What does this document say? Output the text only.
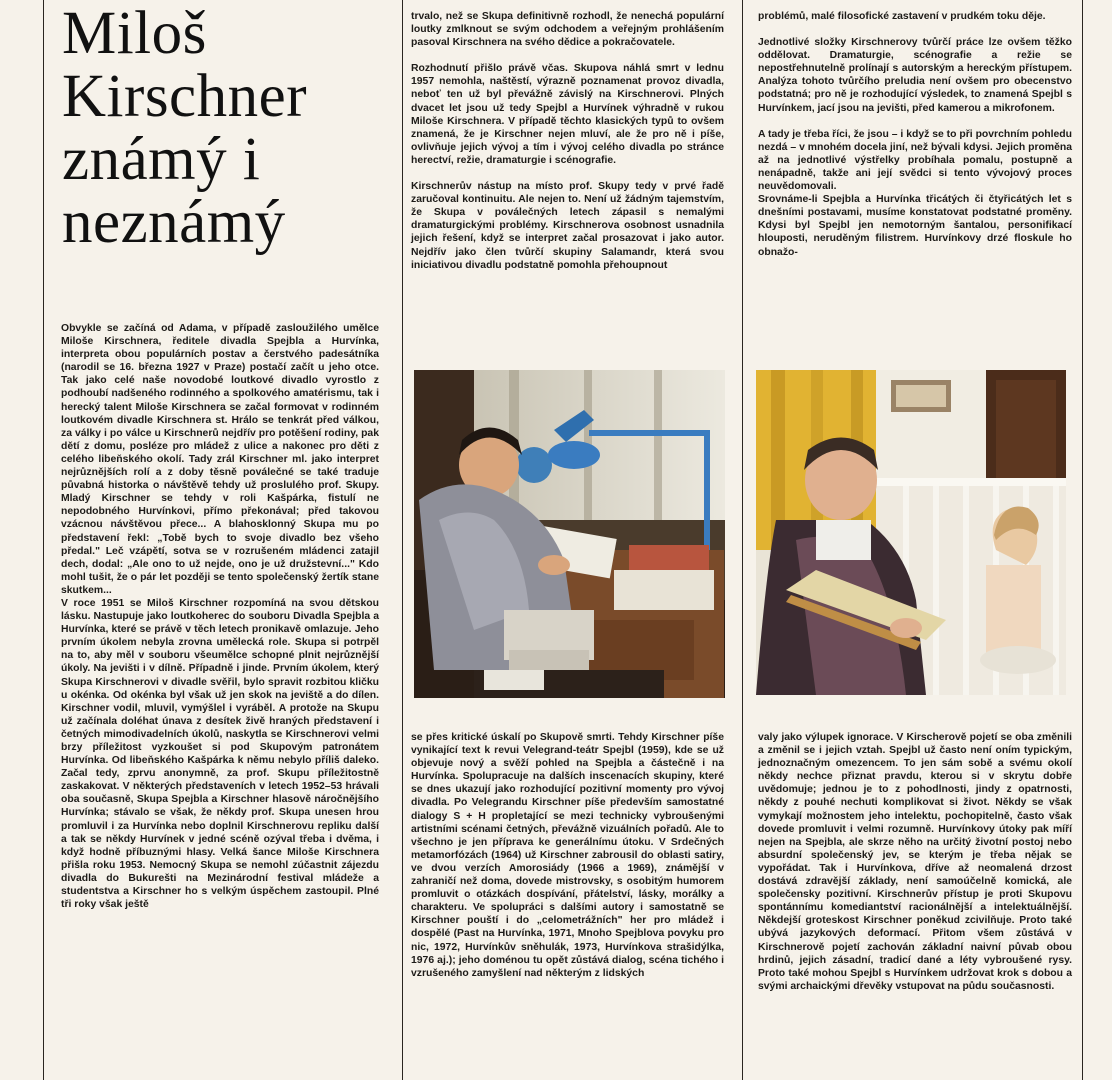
Miloš
Kirschner
známý i
neznámý

Obvykle se začíná od Adama, v případě zasloužilého umělce Miloše Kirschnera, ředitele divadla Spejbla a Hurvínka, interpreta obou populárních postav a čerstvého padesátníka (narodil se 16. března 1927 v Praze) postačí začít u jeho otce. Tak jako celé naše novodobé loutkové divadlo vyrostlo z podhoubí nadšeného rodinného a spolkového amatérismu, tak i herecký talent Miloše Kirschnera se začal formovat v rodinném loutkovém divadle Kirschnera st. Hrálo se tenkrát před válkou, za války i po válce u Kirschnerů nejdřív pro potěšení rodiny, pak dětí z domu, posléze pro mládež z ulice a nakonec pro děti z celého libeňského okolí. Tady zrál Kirschner ml. jako interpret nejrůznějších rolí a z doby těsně poválečné se také traduje půvabná historka o návštěvě tehdy už proslulého prof. Skupy. Mladý Kirschner se tehdy v roli Kašpárka, fistulí ne nepodobného Hurvínkovi, přímo překonával; před takovou vzácnou návštěvou přece... A blahosklonný Skupa mu po představení řekl: „Tobě bych to svoje divadlo bez všeho předal." Leč vzápětí, sotva se v rozrušeném mládenci zatajil dech, dodal: „Ale ono to už nejde, ono je už družstevní..." Kdo mohl tušit, že o pár let později se tento společenský žertík stane skutkem...

V roce 1951 se Miloš Kirschner rozpomíná na svou dětskou lásku. Nastupuje jako loutkoherec do souboru Divadla Spejbla a Hurvínka, které se právě v těch letech pronikavě omlazuje. Jeho prvním úkolem nebyla zrovna umělecká role. Skupa si potrpěl na to, aby měl v souboru všeumělce schopné plnit nejrůznější úkoly. Na jevišti i v dílně. Případně i jinde. Prvním úkolem, který Skupa Kirschnerovi v divadle svěřil, bylo spravit rozbitou kličku u okénka. Od okénka byl však už jen skok na jeviště a do dílen. Kirschner vodil, mluvil, vymýšlel i vyráběl. A protože na Skupu už začínala doléhat únava z desítek živě hraných představení i četných mimodivadelních úkolů, naskytla se Kirschnerovi velmi brzy příležitost vyzkoušet si pod Skupovým patronátem Hurvínka. Od libeňského Kašpárka k němu nebylo příliš daleko. Začal tedy, zprvu anonymně, za prof. Skupu příležitostně zaskakovat. V některých představeních v letech 1952–53 hrávali oba současně, Skupa Spejbla a Kirschner hlasově náročnějšího Hurvínka; stávalo se však, že někdy prof. Skupa unesen hrou promluvil i za Hurvínka nebo doplnil Kirschnerovu repliku další a tak se někdy Hurvínek v jedné scéně ozýval třeba i dvěma, i když hodně příbuznými hlasy. Velká šance Miloše Kirschnera přišla roku 1953. Nemocný Skupa se nemohl zúčastnit zájezdu divadla do Bukurešti na Mezinárodní festival mládeže a studentstva a Kirschner ho s velkým úspěchem zastoupil. Plné tři roky však ještě

trvalo, než se Skupa definitivně rozhodl, že nenechá populární loutky zmlknout se svým odchodem a veřejným prohlášením pasoval Kirschnera na svého dědice a pokračovatele.

Rozhodnutí přišlo právě včas. Skupova náhlá smrt v lednu 1957 nemohla, naštěstí, výrazně poznamenat provoz divadla, neboť ten už byl převážně závislý na Kirschnerovi. Plných dvacet let jsou už tedy Spejbl a Hurvínek výhradně v rukou Miloše Kirschnera. V případě těchto klasických typů to ovšem znamená, že je Kirschner nejen mluví, ale že pro ně i píše, ovlivňuje jejich vývoj a tím i vývoj celého divadla po stránce herectví, režie, dramaturgie i scénografie.

Kirschnerův nástup na místo prof. Skupy tedy v prvé řadě zaručoval kontinuitu. Ale nejen to. Není už žádným tajemstvím, že Skupa v poválečných letech zápasil s nemalými dramaturgickými problémy. Kirschnerova osobnost usnadnila jejich řešení, když se interpret začal prosazovat i jako autor. Nejdřív jako člen tvůrčí skupiny Salamandr, která svou iniciativou divadlu podstatně pomohla přehoupnout

se přes kritické úskalí po Skupově smrti. Tehdy Kirschner píše vynikající text k revui Velegrand-teátr Spejbl (1959), kde se už objevuje nový a svěží pohled na Spejbla a částečně i na Hurvínka. Spolupracuje na dalších inscenacích skupiny, které se dnes ukazují jako rozhodující pozitivní momenty pro vývoj divadla. Po Velegrandu Kirschner píše především samostatné dialogy S + H propletající se mezi technicky vybroušenými artistními scénami četných, převážně vizuálních pořadů. Ale to všechno je jen příprava ke generálnímu útoku. V Srdečných metamorfózách (1964) už Kirschner zabrousil do oblasti satiry, ve dvou verzích Amorosiády (1966 a 1969), známější v zahraničí než doma, dovede mistrovsky, s osobitým humorem promluvit o otázkách dospívání, přátelství, lásky, morálky a charakteru. Ve spolupráci s dalšími autory i samostatně se Kirschner pouští i do „celometrážních" her pro mládež i dospělé (Past na Hurvínka, 1971, Mnoho Spejblova povyku pro nic, 1972, Hurvínkův sněhulák, 1973, Hurvínkova strašidýlka, 1976 aj.); jeho doménou tu opět zůstává dialog, scéna tichého i vzrušeného zamyšlení nad některým z lidských

problémů, malé filosofické zastavení v prudkém toku děje.

Jednotlivé složky Kirschnerovy tvůrčí práce lze ovšem těžko oddělovat. Dramaturgie, scénografie a režie se nepostřehnutelně prolínají s autorským a hereckým přístupem. Analýza tohoto tvůrčího preludia není ovšem pro obecenstvo podstatná; pro ně je rozhodující výsledek, to znamená Spejbl s Hurvínkem, jací jsou na jevišti, před kamerou a mikrofonem.

A tady je třeba říci, že jsou – i když se to při povrchním pohledu nezdá – v mnohém docela jiní, než bývali kdysi. Jejich proměna až na jednotlivé výstřelky probíhala pomalu, postupně a nenápadně, takže ani její svědci si tento vývojový proces neuvědomovali.

Srovnáme-li Spejbla a Hurvínka třicátých či čtyřicátých let s dnešními postavami, musíme konstatovat podstatné proměny. Kdysi byl Spejbl jen nemotorným šantalou, personifikací hlouposti, neruděným filistrem. Hurvínkovy drzé floskule ho obnažo-

valy jako výlupek ignorace. V Kirscherově pojetí se oba změnili a změnil se i jejich vztah. Spejbl už často není oním typickým, jednoznačným omezencem. To jen sám sobě a svému okolí někdy nechce přiznat pravdu, kterou si v skrytu dobře uvědomuje; jednou je to z pohodlnosti, jindy z opatrnosti, někdy z pouhé nechuti komplikovat si život. Někdy se však vymykají možnostem jeho intelektu, pochopitelně, často však dovede promluvit i velmi rozumně. Hurvínkovy útoky pak míří nejen na Spejbla, ale skrze něho na určitý životní postoj nebo absurdní společenský jev, se kterým je třeba nějak se vypořádat. Tak i Hurvínkova, dříve až neomalená drzost dostává zdravější základy, není samoúčelně komická, ale společensky pozitivní. Kirschnerův přístup je proti Skupovu spontánnímu komediantství racionálnější a intelektuálnější. Někdejší groteskost Kirschner poněkud zcivilňuje. Proto také ubývá jazykových deformací. Přitom všem zůstává v Kirschnerově pojetí zachován základní naivní půvab obou hrdinů, jejich zásadní, tradicí dané a léty vybroušené rysy. Proto také mohou Spejbl s Hurvínkem udržovat krok s dobou a svými archaickými dřevěky vstupovat na půdu současnosti.
